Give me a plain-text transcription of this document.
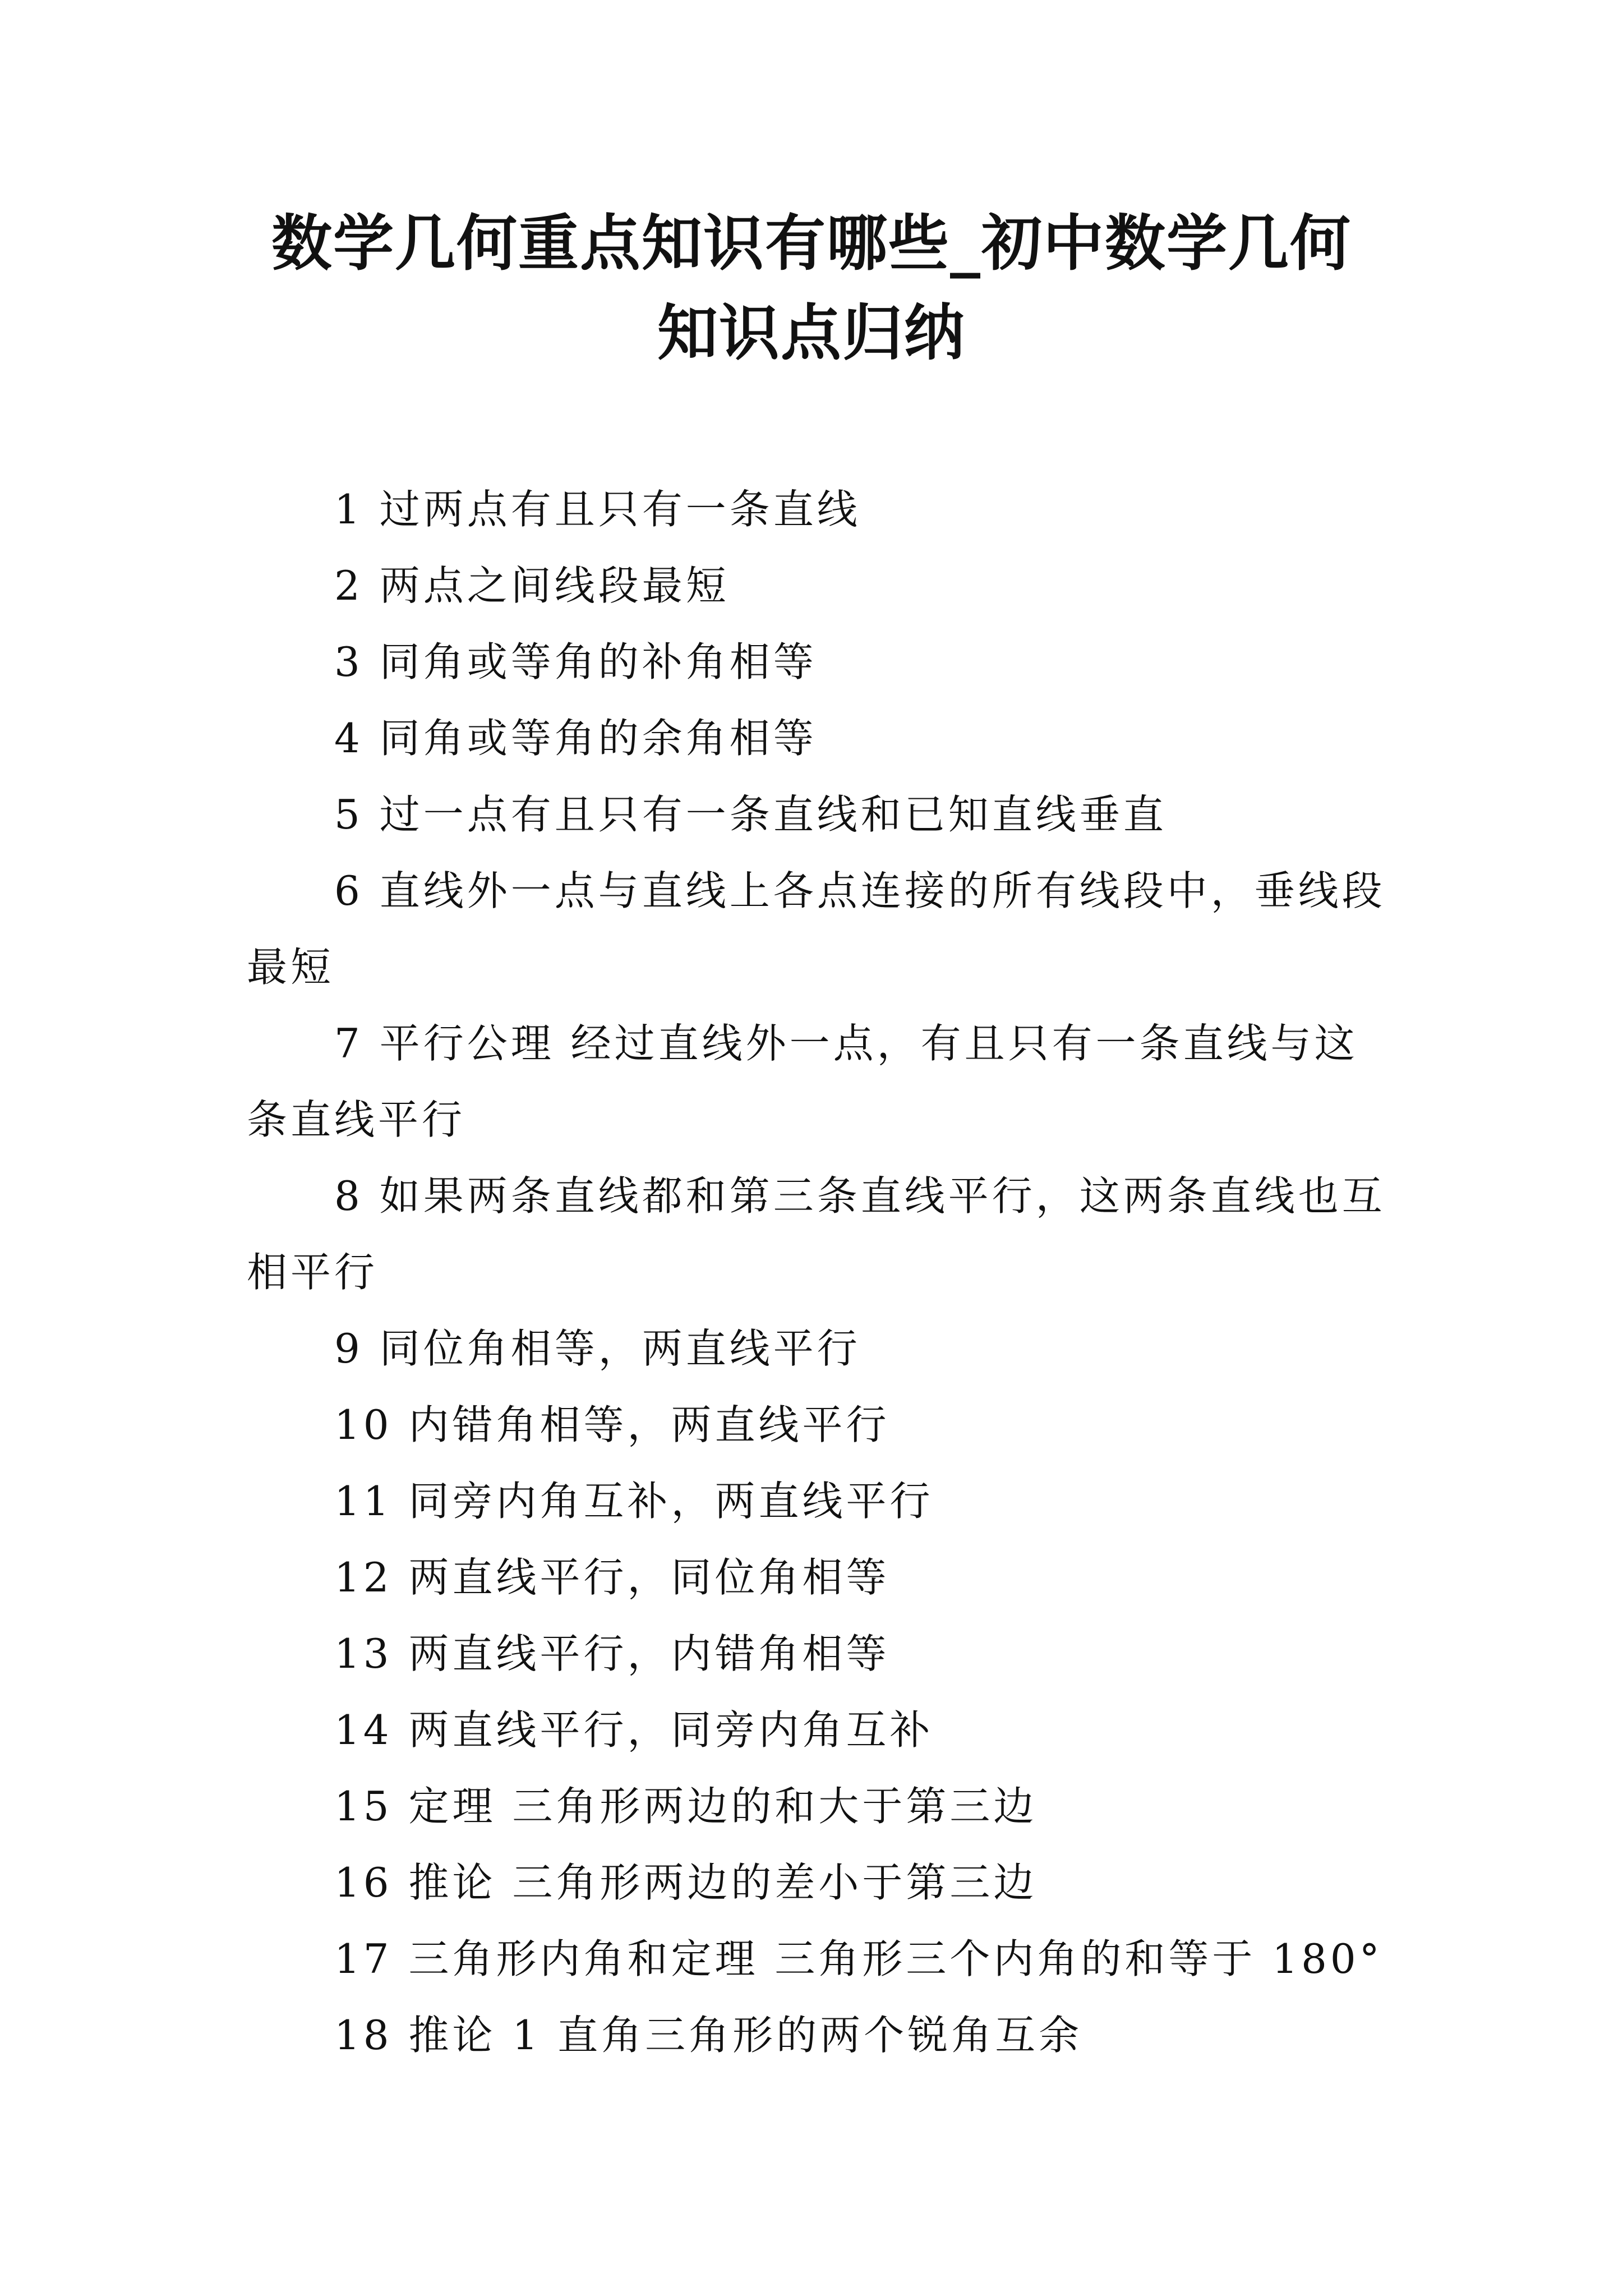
数学几何重点知识有哪些_初中数学几何知识点归纳

1 过两点有且只有一条直线

2 两点之间线段最短

3 同角或等角的补角相等

4 同角或等角的余角相等

5 过一点有且只有一条直线和已知直线垂直

6 直线外一点与直线上各点连接的所有线段中，垂线段最短

7 平行公理 经过直线外一点，有且只有一条直线与这条直线平行

8 如果两条直线都和第三条直线平行，这两条直线也互相平行

9 同位角相等，两直线平行

10 内错角相等，两直线平行

11 同旁内角互补，两直线平行

12 两直线平行，同位角相等

13 两直线平行，内错角相等

14 两直线平行，同旁内角互补

15 定理 三角形两边的和大于第三边

16 推论 三角形两边的差小于第三边

17 三角形内角和定理 三角形三个内角的和等于 180°

18 推论 1 直角三角形的两个锐角互余
